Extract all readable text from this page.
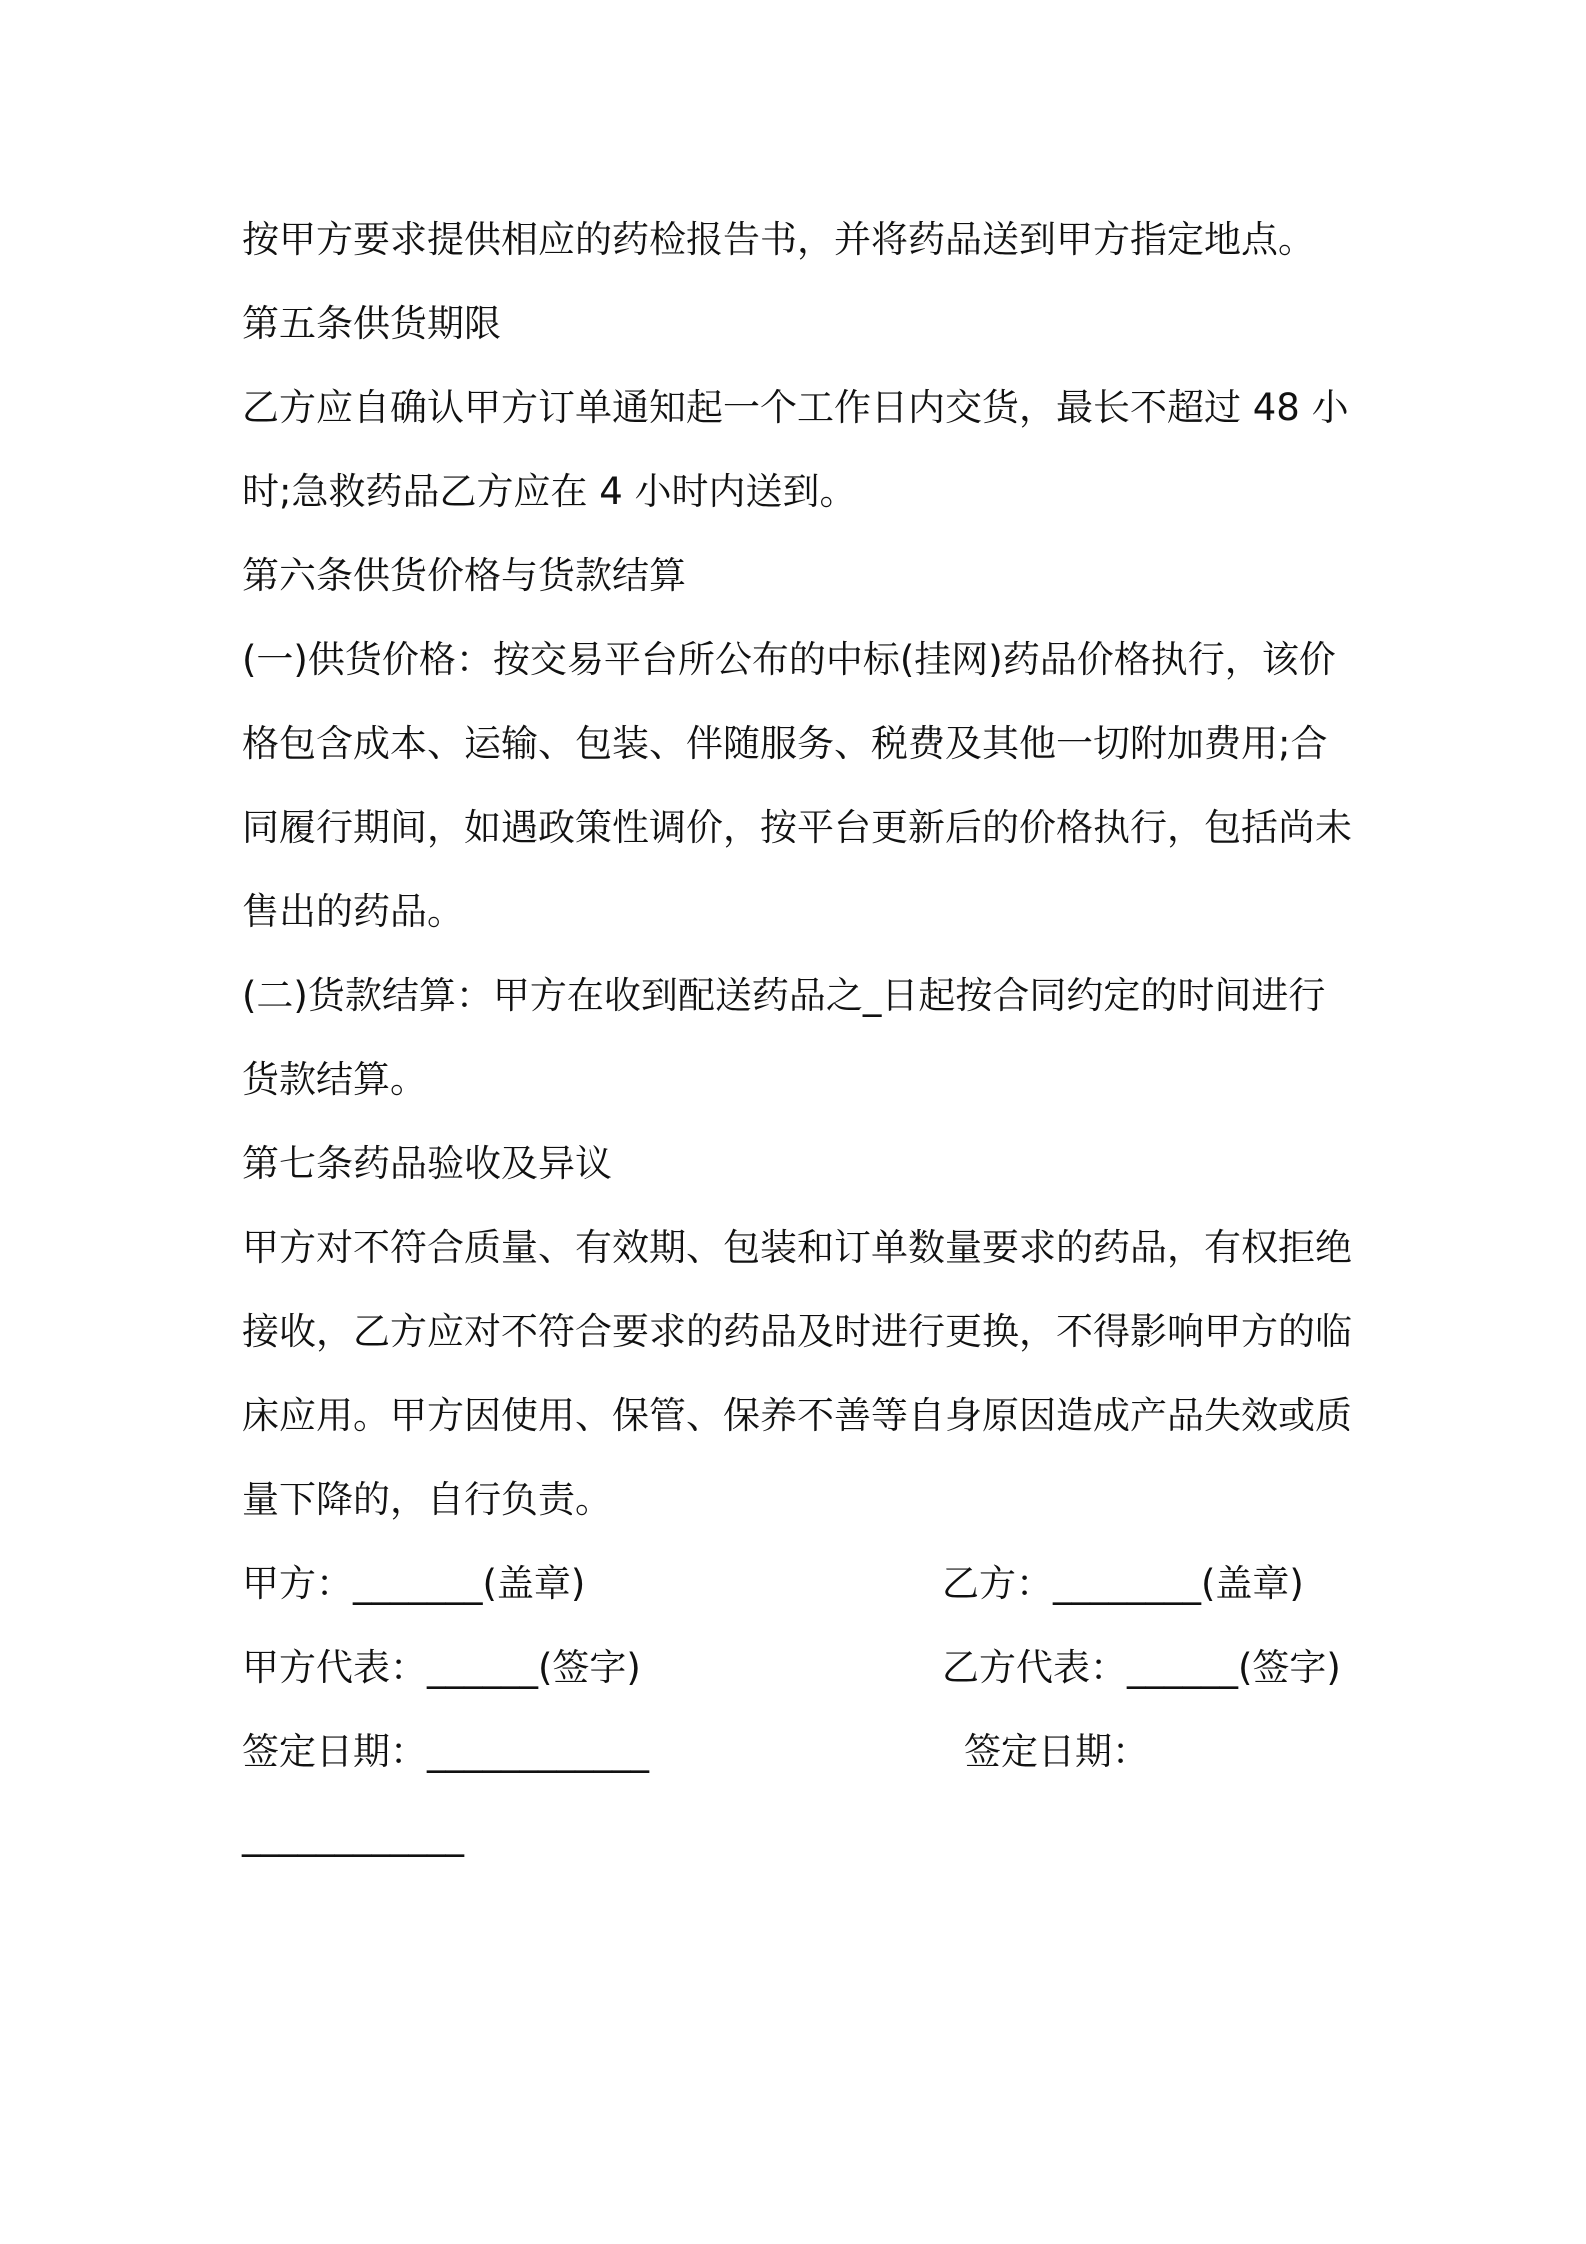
按甲方要求提供相应的药检报告书，并将药品送到甲方指定地点。
第五条供货期限
乙方应自确认甲方订单通知起一个工作日内交货，最长不超过 48 小
时;急救药品乙方应在 4 小时内送到。
第六条供货价格与货款结算
(一)供货价格：按交易平台所公布的中标(挂网)药品价格执行，该价
格包含成本、运输、包装、伴随服务、税费及其他一切附加费用;合
同履行期间，如遇政策性调价，按平台更新后的价格执行，包括尚未
售出的药品。
(二)货款结算：甲方在收到配送药品之_日起按合同约定的时间进行
货款结算。
第七条药品验收及异议
甲方对不符合质量、有效期、包装和订单数量要求的药品，有权拒绝
接收，乙方应对不符合要求的药品及时进行更换，不得影响甲方的临
床应用。甲方因使用、保管、保养不善等自身原因造成产品失效或质
量下降的，自行负责。
甲方：_______(盖章)	乙方：________(盖章)
甲方代表：______(签字)	乙方代表：______(签字)
签定日期：____________	签定日期：
____________
